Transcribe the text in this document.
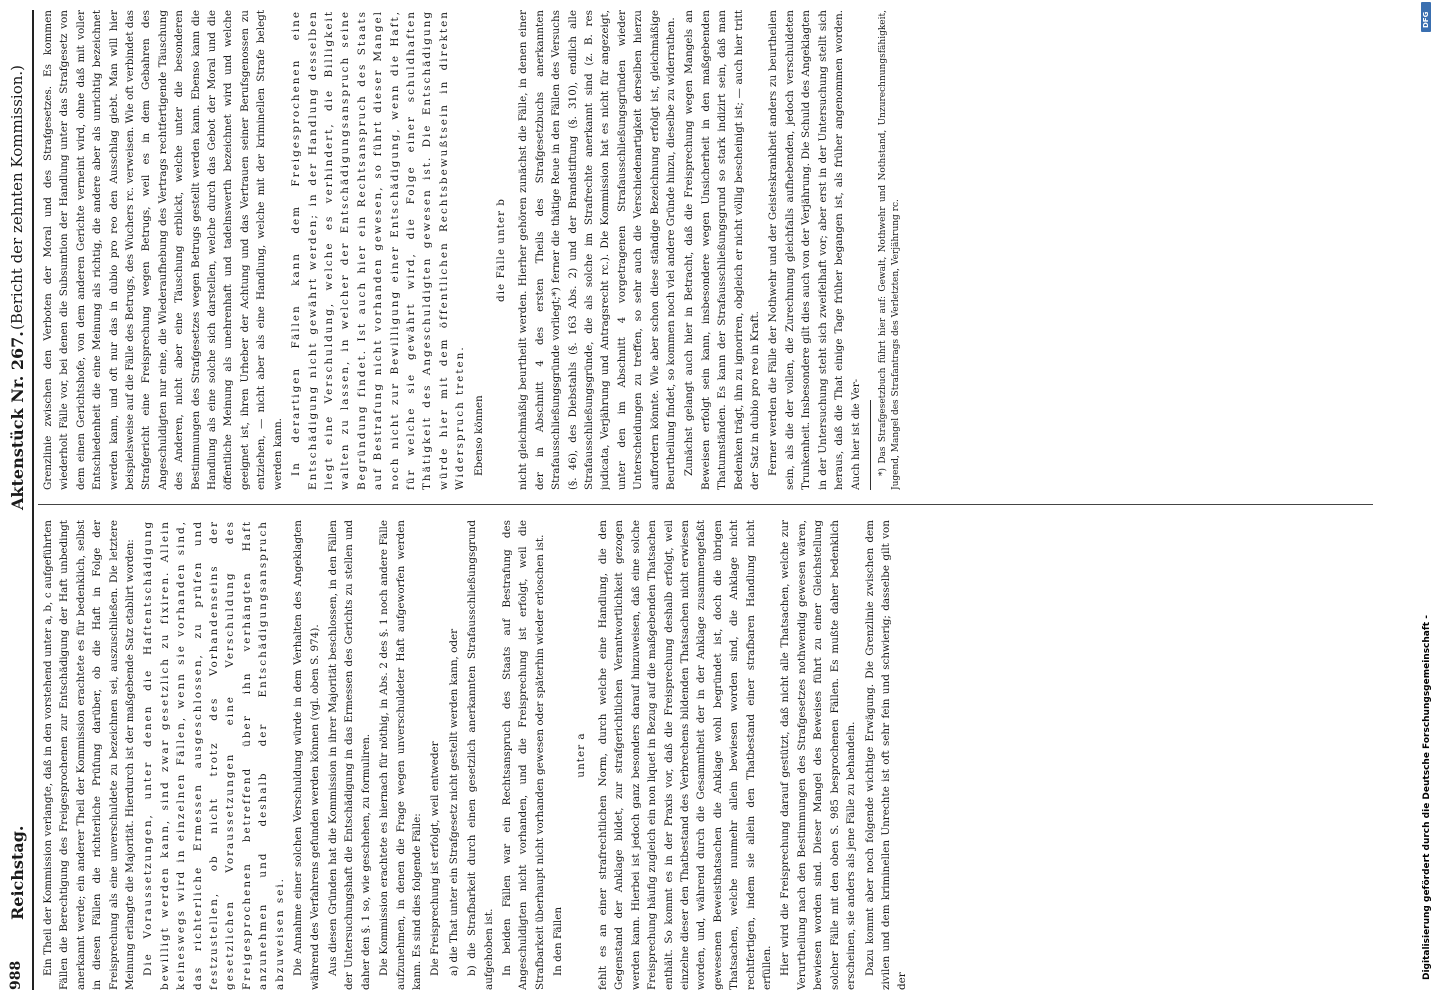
988
Reichstag.
Aktenstück Nr. 267.
(Bericht der zehnten Kommission.)

Ein Theil der Kommission verlangte, daß in den vorstehend unter a, b, c aufgeführten Fällen die Berechtigung des Freigesprochenen zur Entschädigung der Haft unbedingt anerkannt werde; ein anderer Theil der Kommission erachtete es für bedenklich, selbst in diesen Fällen die richterliche Prüfung darüber, ob die Haft in Folge der Freisprechung als eine unverschuldete zu bezeichnen sei, auszuschließen. Die letztere Meinung erlangte die Majorität. Hierdurch ist der maßgebende Satz etablirt worden: Die Voraussetzungen, unter denen die Haftentschädigung bewilligt werden kann, sind zwar gesetzlich zu fixiren. Allein keineswegs wird in einzelnen Fällen, wenn sie vorhanden sind, das richterliche Ermessen ausgeschlossen, zu prüfen und festzustellen, ob nicht trotz des Vorhandenseins der gesetzlichen Voraussetzungen eine Verschuldung des Freigesprochenen betreffend über ihn verhängten Haft anzunehmen und deshalb der Entschädigungsanspruch abzuweisen sei. Die Annahme einer solchen Verschuldung würde in dem Verhalten des Angeklagten während des Verfahrens gefunden werden können (vgl. oben S. 974). Aus diesen Gründen hat die Kommission in ihrer Majorität beschlossen, in den Fällen der Untersuchungshaft die Entschädigung in das Ermessen des Gerichts zu stellen und daher den §. 1 so, wie geschehen, zu formuliren. Die Kommission erachtete es hiernach für nöthig, in Abs. 2 des §. 1 noch andere Fälle aufzunehmen, in denen die Frage wegen unverschuldeter Haft aufgeworfen werden kann. Es sind dies folgende Fälle: Die Freisprechung ist erfolgt, weil entweder a) die That unter ein Strafgesetz nicht gestellt werden kann, oder b) die Strafbarkeit durch einen gesetzlich anerkannten Strafausschließungsgrund aufgehoben ist. In beiden Fällen war ein Rechtsanspruch des Staats auf Bestrafung des Angeschuldigten nicht vorhanden, und die Freisprechung ist erfolgt, weil die Strafbarkeit überhaupt nicht vorhanden gewesen oder späterhin wieder erloschen ist. In den Fällen

unter a fehlt es an einer strafrechtlichen Norm, durch welche eine Handlung, die den Gegenstand der Anklage bildet, zur strafgerichtlichen Verantwortlichkeit gezogen werden kann. Hierbei ist jedoch ganz besonders darauf hinzuweisen, daß eine solche Freisprechung häufig zugleich ein non liquet in Bezug auf die maßgebenden Thatsachen enthält. So kommt es in der Praxis vor, daß die Freisprechung deshalb erfolgt, weil einzelne dieser den Thatbestand des Verbrechens bildenden Thatsachen nicht erwiesen worden, und, während durch die Gesammtheit der in der Anklage zusammengefaßt gewesenen Beweisthatsachen die Anklage wohl begründet ist, doch die übrigen Thatsachen, welche nunmehr allein bewiesen worden sind, die Anklage nicht rechtfertigen, indem sie allein den Thatbestand einer strafbaren Handlung nicht erfüllen. Hier wird die Freisprechung darauf gestützt, daß nicht alle Thatsachen, welche zur Verurtheilung nach den Bestimmungen des Strafgesetzes nothwendig gewesen wären, bewiesen worden sind. Dieser Mangel des Beweises führt zu einer Gleichstellung solcher Fälle mit den oben S. 985 besprochenen Fällen. Es mußte daher bedenklich erscheinen, sie anders als jene Fälle zu behandeln. Dazu kommt aber noch folgende wichtige Erwägung. Die Grenzlinie zwischen dem zivilen und dem kriminellen Unrechte ist oft sehr fein und schwierig; dasselbe gilt von der

Grenzlinie zwischen den Verboten der Moral und des Strafgesetzes. Es kommen wiederholt Fälle vor, bei denen die Subsumtion der Handlung unter das Strafgesetz von dem einen Gerichtshofe, von dem anderen Gerichte verneint wird, ohne daß mit voller Entschiedenheit die eine Meinung als richtig, die andere aber als unrichtig bezeichnet werden kann, und oft nur das in dubio pro reo den Ausschlag giebt. Man will hier beispielsweise auf die Fälle des Betrugs, des Wuchers rc. verweisen. Wie oft verbindet das Strafgericht eine Freisprechung wegen Betrugs, weil es in dem Gebahren des Angeschuldigten nur eine, die Wiederaufhebung des Vertrags rechtfertigende Täuschung des Anderen, nicht aber eine Täuschung erblickt, welche unter die besonderen Bestimmungen des Strafgesetzes wegen Betrugs gestellt werden kann. Ebenso kann die Handlung als eine solche sich darstellen, welche durch das Gebot der Moral und die öffentliche Meinung als unehrenhaft und tadelnswerth bezeichnet wird und welche geeignet ist, ihren Urheber der Achtung und das Vertrauen seiner Berufsgenossen zu entziehen, — nicht aber als eine Handlung, welche mit der kriminellen Strafe belegt werden kann. In derartigen Fällen kann dem Freigesprochenen eine Entschädigung nicht gewährt werden; in der Handlung desselben liegt eine Verschuldung, welche es verhindert, die Billigkeit walten zu lassen, in welcher der Entschädigungsanspruch seine Begründung findet. Ist auch hier ein Rechtsanspruch des Staats auf Bestrafung nicht vorhanden gewesen, so führt dieser Mangel noch nicht zur Bewilligung einer Entschädigung, wenn die Haft, für welche sie gewährt wird, die Folge einer schuldhaften Thätigkeit des Angeschuldigten gewesen ist. Die Entschädigung würde hier mit dem öffentlichen Rechtsbewußtsein in direkten Widerspruch treten. Ebenso können

die Fälle unter b nicht gleichmäßig beurtheilt werden. Hierher gehören zunächst die Fälle, in denen einer der in Abschnitt 4 des ersten Theils des Strafgesetzbuchs anerkannten Strafausschließungsgründe vorliegt;*) ferner die thätige Reue in den Fällen des Versuchs (§. 46), des Diebstahls (§. 163 Abs. 2) und der Brandstiftung (§. 310), endlich alle Strafausschließungsgründe, die als solche im Strafrechte anerkannt sind (z. B. res judicata, Verjährung und Antragsrecht rc.). Die Kommission hat es nicht für angezeigt, unter den im Abschnitt 4 vorgetragenen Strafausschließungsgründen wieder Unterscheidungen zu treffen, so sehr auch die Verschiedenartigkeit derselben hierzu auffordern könnte. Wie aber schon diese ständige Bezeichnung erfolgt ist, gleichmäßige Beurtheilung findet, so kommen noch viel andere Gründe hinzu, dieselbe zu widerrathen. Zunächst gelangt auch hier in Betracht, daß die Freisprechung wegen Mangels an Beweisen erfolgt sein kann, insbesondere wegen Unsicherheit in den maßgebenden Thatumständen. Es kann der Strafausschließungsgrund so stark indizirt sein, daß man Bedenken trägt, ihn zu ignoriren, obgleich er nicht völlig bescheinigt ist; — auch hier tritt der Satz in dubio pro reo in Kraft. Ferner werden die Fälle der Nothwehr und der Geisteskrankheit anders zu beurtheilen sein, als die der vollen, die Zurechnung gleichfalls aufhebenden, jedoch verschuldeten Trunkenheit. Insbesondere gilt dies auch von der Verjährung. Die Schuld des Angeklagten in der Untersuchung steht sich zweifelhaft vor; aber erst in der Untersuchung stellt sich heraus, daß die That einige Tage früher begangen ist, als früher angenommen worden. Auch hier ist die Ver- *) Das Strafgesetzbuch führt hier auf: Gewalt, Nothwehr und Nothstand, Unzurechnungsfähigkeit, Jugend, Mangel des Strafantrags des Verletzten, Verjährung rc.

Digitalisierung gefördert durch die Deutsche Forschungsgemeinschaft -
DFG
